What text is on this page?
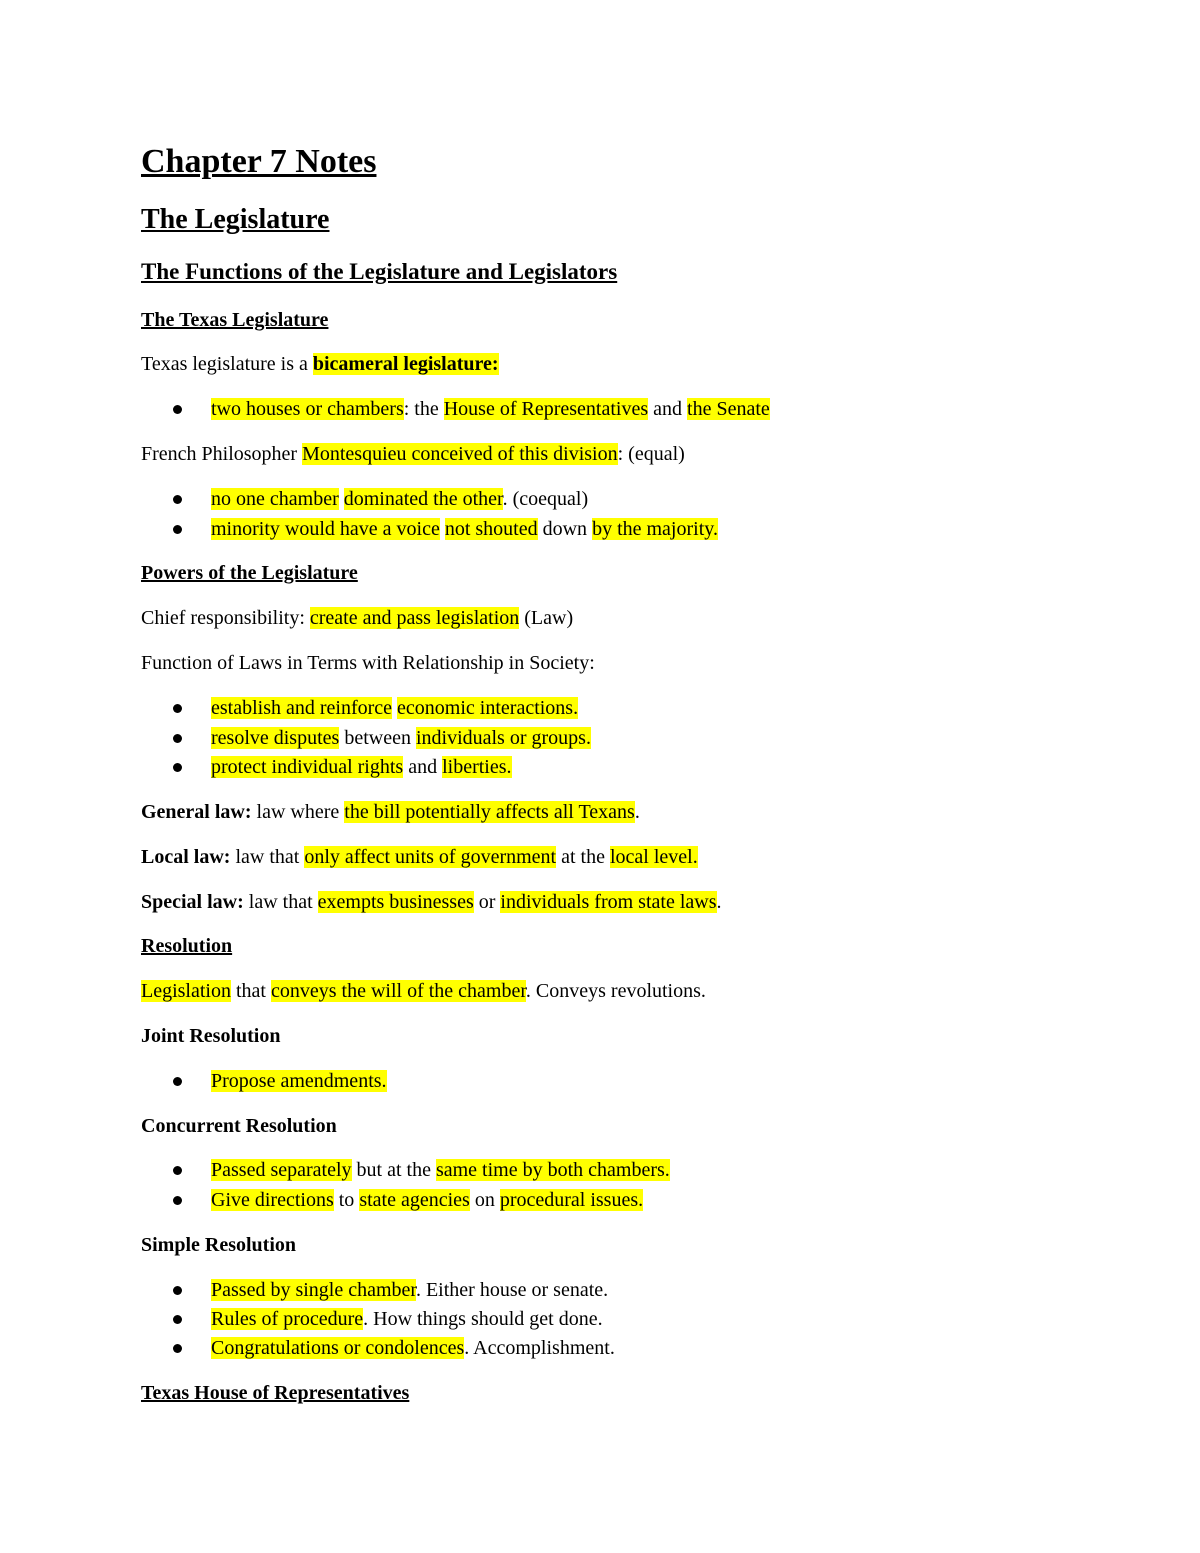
Chapter 7 Notes
The Legislature
The Functions of the Legislature and Legislators
The Texas Legislature
Texas legislature is a bicameral legislature:
two houses or chambers: the House of Representatives and the Senate
French Philosopher Montesquieu conceived of this division: (equal)
no one chamber dominated the other. (coequal)
minority would have a voice not shouted down by the majority.
Powers of the Legislature
Chief responsibility: create and pass legislation (Law)
Function of Laws in Terms with Relationship in Society:
establish and reinforce economic interactions.
resolve disputes between individuals or groups.
protect individual rights and liberties.
General law: law where the bill potentially affects all Texans.
Local law: law that only affect units of government at the local level.
Special law: law that exempts businesses or individuals from state laws.
Resolution
Legislation that conveys the will of the chamber. Conveys revolutions.
Joint Resolution
Propose amendments.
Concurrent Resolution
Passed separately but at the same time by both chambers.
Give directions to state agencies on procedural issues.
Simple Resolution
Passed by single chamber. Either house or senate.
Rules of procedure. How things should get done.
Congratulations or condolences. Accomplishment.
Texas House of Representatives
